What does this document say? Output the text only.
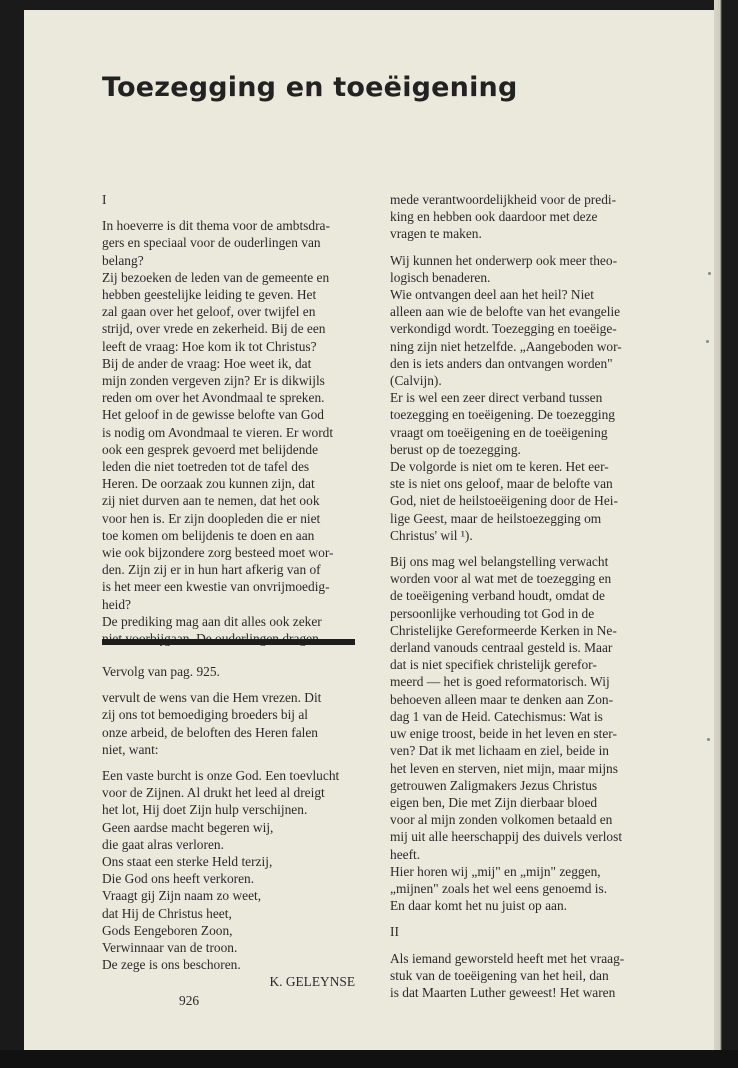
Toezegging en toeëigening

I

In hoeverre is dit thema voor de ambtsdra-
gers en speciaal voor de ouderlingen van
belang?
Zij bezoeken de leden van de gemeente en
hebben geestelijke leiding te geven. Het
zal gaan over het geloof, over twijfel en
strijd, over vrede en zekerheid. Bij de een
leeft de vraag: Hoe kom ik tot Christus?
Bij de ander de vraag: Hoe weet ik, dat
mijn zonden vergeven zijn? Er is dikwijls
reden om over het Avondmaal te spreken.
Het geloof in de gewisse belofte van God
is nodig om Avondmaal te vieren. Er wordt
ook een gesprek gevoerd met belijdende
leden die niet toetreden tot de tafel des
Heren. De oorzaak zou kunnen zijn, dat
zij niet durven aan te nemen, dat het ook
voor hen is. Er zijn doopleden die er niet
toe komen om belijdenis te doen en aan
wie ook bijzondere zorg besteed moet wor-
den. Zijn zij er in hun hart afkerig van of
is het meer een kwestie van onvrijmoedig-
heid?
De prediking mag aan dit alles ook zeker

Vervolg van pag. 925.

vervult de wens van die Hem vrezen. Dit
zij ons tot bemoediging broeders bij al
onze arbeid, de beloften des Heren falen
niet, want:
Een vaste burcht is onze God. Een toevlucht
voor de Zijnen. Al drukt het leed al dreigt
het lot, Hij doet Zijn hulp verschijnen.
Geen aardse macht begeren wij,
die gaat alras verloren.
Ons staat een sterke Held terzij,
Die God ons heeft verkoren.
Vraagt gij Zijn naam zo weet,
dat Hij de Christus heet,
Gods Eengeboren Zoon,
Verwinnaar van de troon.
De zege is ons beschoren.

K. GELEYNSE

mede verantwoordelijkheid voor de predi-
king en hebben ook daardoor met deze
vragen te maken.
Wij kunnen het onderwerp ook meer theo-
logisch benaderen.
Wie ontvangen deel aan het heil? Niet
alleen aan wie de belofte van het evangelie
verkondigd wordt. Toezegging en toeëige-
ning zijn niet hetzelfde. „Aangeboden wor-
den is iets anders dan ontvangen worden"
(Calvijn).
Er is wel een zeer direct verband tussen
toezegging en toeëigening. De toezegging
vraagt om toeëigening en de toeëigening
berust op de toezegging.
De volgorde is niet om te keren. Het eer-
ste is niet ons geloof, maar de belofte van
God, niet de heilstoeëigening door de Hei-
lige Geest, maar de heilstoezegging om
Christus' wil ¹).
Bij ons mag wel belangstelling verwacht
worden voor al wat met de toezegging en
de toeëigening verband houdt, omdat de
persoonlijke verhouding tot God in de
Christelijke Gereformeerde Kerken in Ne-
derland vanouds centraal gesteld is. Maar
dat is niet specifiek christelijk gerefor-
meerd — het is goed reformatorisch. Wij
behoeven alleen maar te denken aan Zon-
dag 1 van de Heid. Catechismus: Wat is
uw enige troost, beide in het leven en ster-
ven? Dat ik met lichaam en ziel, beide in
het leven en sterven, niet mijn, maar mijns
getrouwen Zaligmakers Jezus Christus
eigen ben, Die met Zijn dierbaar bloed
voor al mijn zonden volkomen betaald en
mij uit alle heerschappij des duivels verlost
heeft.
Hier horen wij „mij" en „mijn" zeggen,
„mijnen" zoals het wel eens genoemd is.
En daar komt het nu juist op aan.

II

Als iemand geworsteld heeft met het vraag-
stuk van de toeëigening van het heil, dan
is dat Maarten Luther geweest! Het waren
926
